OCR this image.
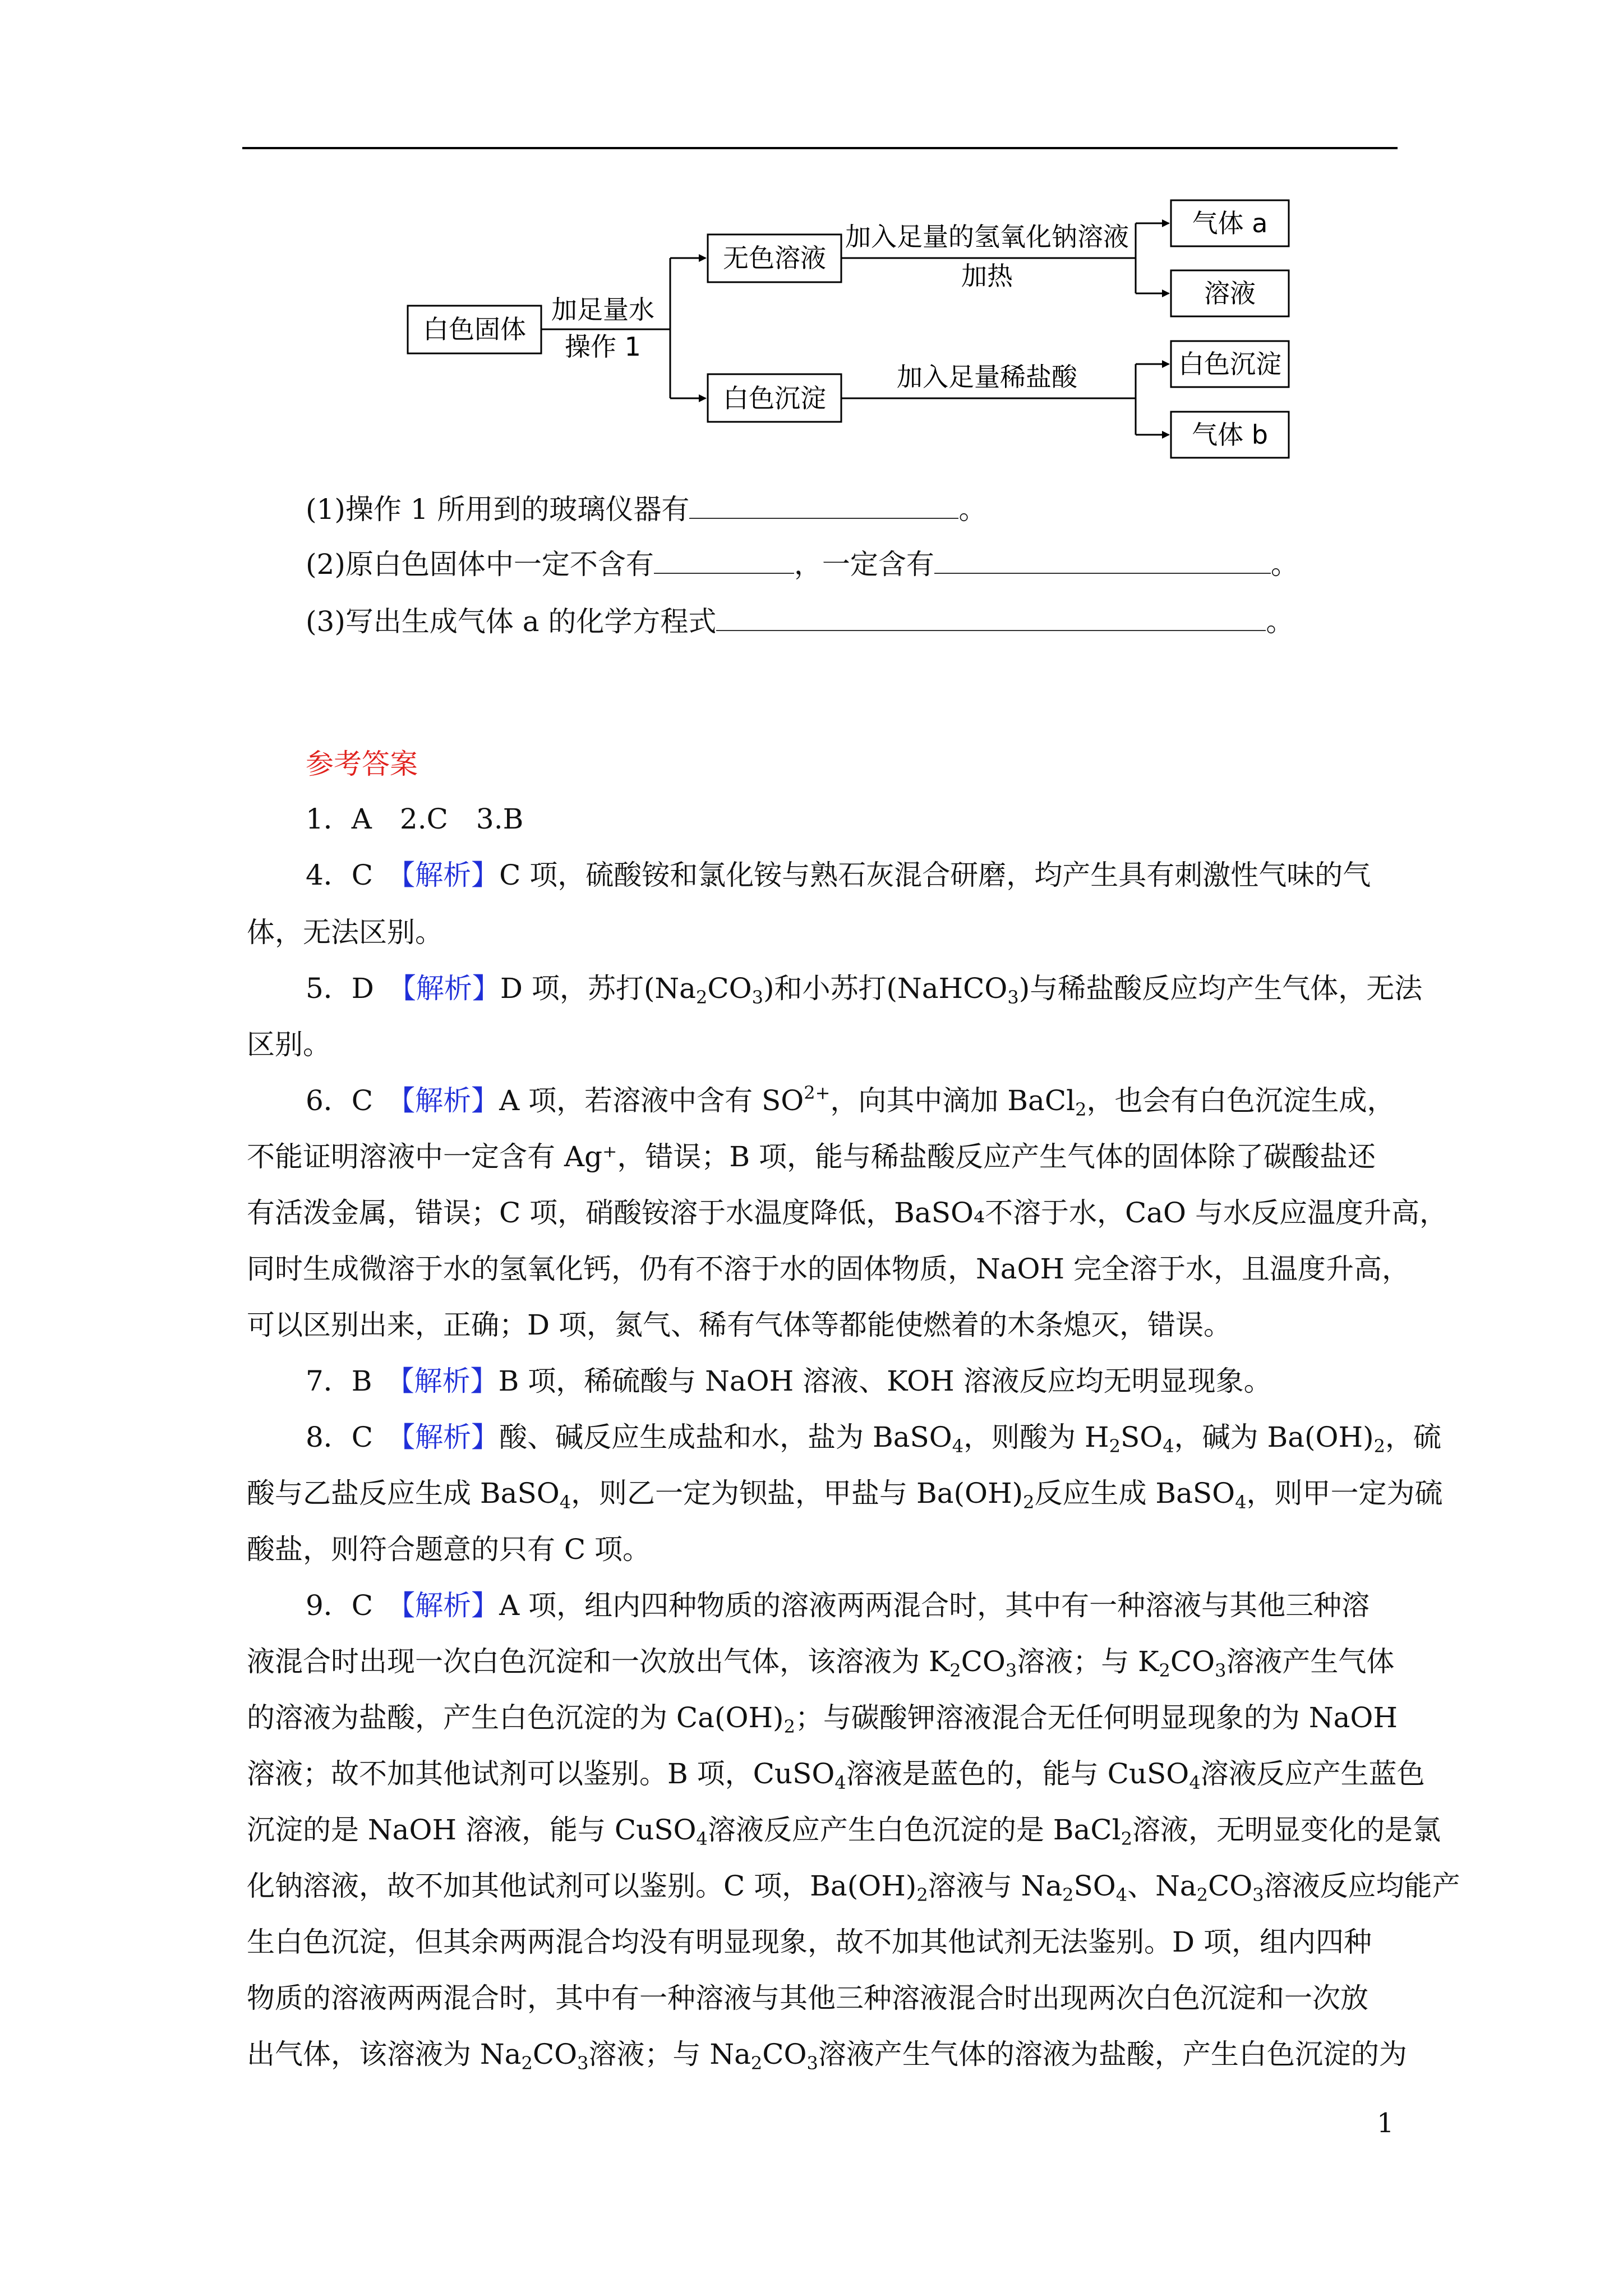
白色固体
加足量水
操作 1
无色溶液
白色沉淀
加入足量的氢氧化钠溶液
加热
加入足量稀盐酸
气体 a
溶液
白色沉淀
气体 b
(1)操作 1 所用到的玻璃仪器有	。
(2)原白色固体中一定不含有	，一定含有	。
(3)写出生成气体 a 的化学方程式	。
参考答案
1．A　2.C　3.B
4．C　【解析】C 项，硫酸铵和氯化铵与熟石灰混合研磨，均产生具有刺激性气味的气
体，无法区别。
5．D　【解析】D 项，苏打$(Na_2CO_3)$和小苏打(NaHCO$_3$)与稀盐酸反应均产生气体，无法
区别。
6．C　【解析】A 项，若溶液中含有 $SO^{2+}$，向其中滴加 BaCl$_2$，也会有白色沉淀生成，
不能证明溶液中一定含有 Ag⁺，错误；B 项，能与稀盐酸反应产生气体的固体除了碳酸盐还
有活泼金属，错误；C 项，硝酸铵溶于水温度降低，BaSO₄不溶于水，CaO 与水反应温度升高，
同时生成微溶于水的氢氧化钙，仍有不溶于水的固体物质，NaOH 完全溶于水，且温度升高，
可以区别出来，正确；D 项，氮气、稀有气体等都能使燃着的木条熄灭，错误。
7．B　【解析】B 项，稀硫酸与 NaOH 溶液、KOH 溶液反应均无明显现象。
8．C　【解析】酸、碱反应生成盐和水，盐为 BaSO$_4$，则酸为 $H_2SO_4$，碱为 $Ba(OH)_2$，硫
酸与乙盐反应生成 BaSO$_4$，则乙一定为钡盐，甲盐与 $Ba(OH)_2$反应生成 BaSO$_4$，则甲一定为硫
酸盐，则符合题意的只有 C 项。
9．C　【解析】A 项，组内四种物质的溶液两两混合时，其中有一种溶液与其他三种溶
液混合时出现一次白色沉淀和一次放出气体，该溶液为 $K_2CO_3$溶液；与 $K_2CO_3$溶液产生气体
的溶液为盐酸，产生白色沉淀的为 $Ca(OH)_2$；与碳酸钾溶液混合无任何明显现象的为 NaOH
溶液；故不加其他试剂可以鉴别。B 项，CuSO$_4$溶液是蓝色的，能与 CuSO$_4$溶液反应产生蓝色
沉淀的是 NaOH 溶液，能与 CuSO$_4$溶液反应产生白色沉淀的是 BaCl$_2$溶液，无明显变化的是氯
化钠溶液，故不加其他试剂可以鉴别。C 项，$Ba(OH)_2$溶液与 $Na_2SO_4$、$Na_2CO_3$溶液反应均能产
生白色沉淀，但其余两两混合均没有明显现象，故不加其他试剂无法鉴别。D 项，组内四种
物质的溶液两两混合时，其中有一种溶液与其他三种溶液混合时出现两次白色沉淀和一次放
出气体，该溶液为 $Na_2CO_3$溶液；与 $Na_2CO_3$溶液产生气体的溶液为盐酸，产生白色沉淀的为
1
